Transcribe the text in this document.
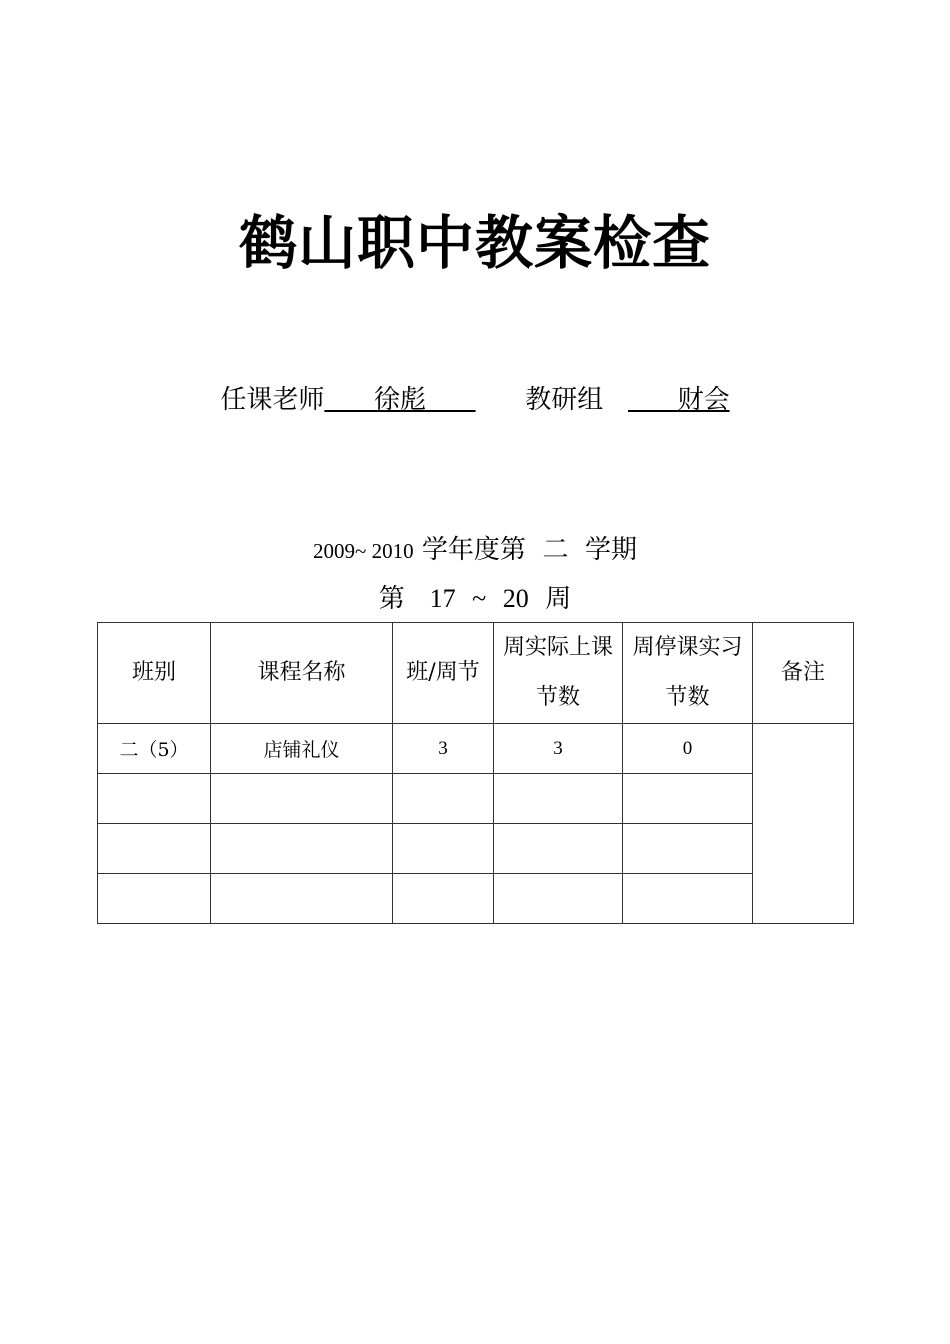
鹤山职中教案检查
任课老师 徐彪	教研组	财会
2009~ 2010 学年度第 二 学期
第 17 ~ 20 周
班别	课程名称	班/周节	周实际上课节数	周停课实习节数	备注
二（5）	店铺礼仪	3	3	0	
